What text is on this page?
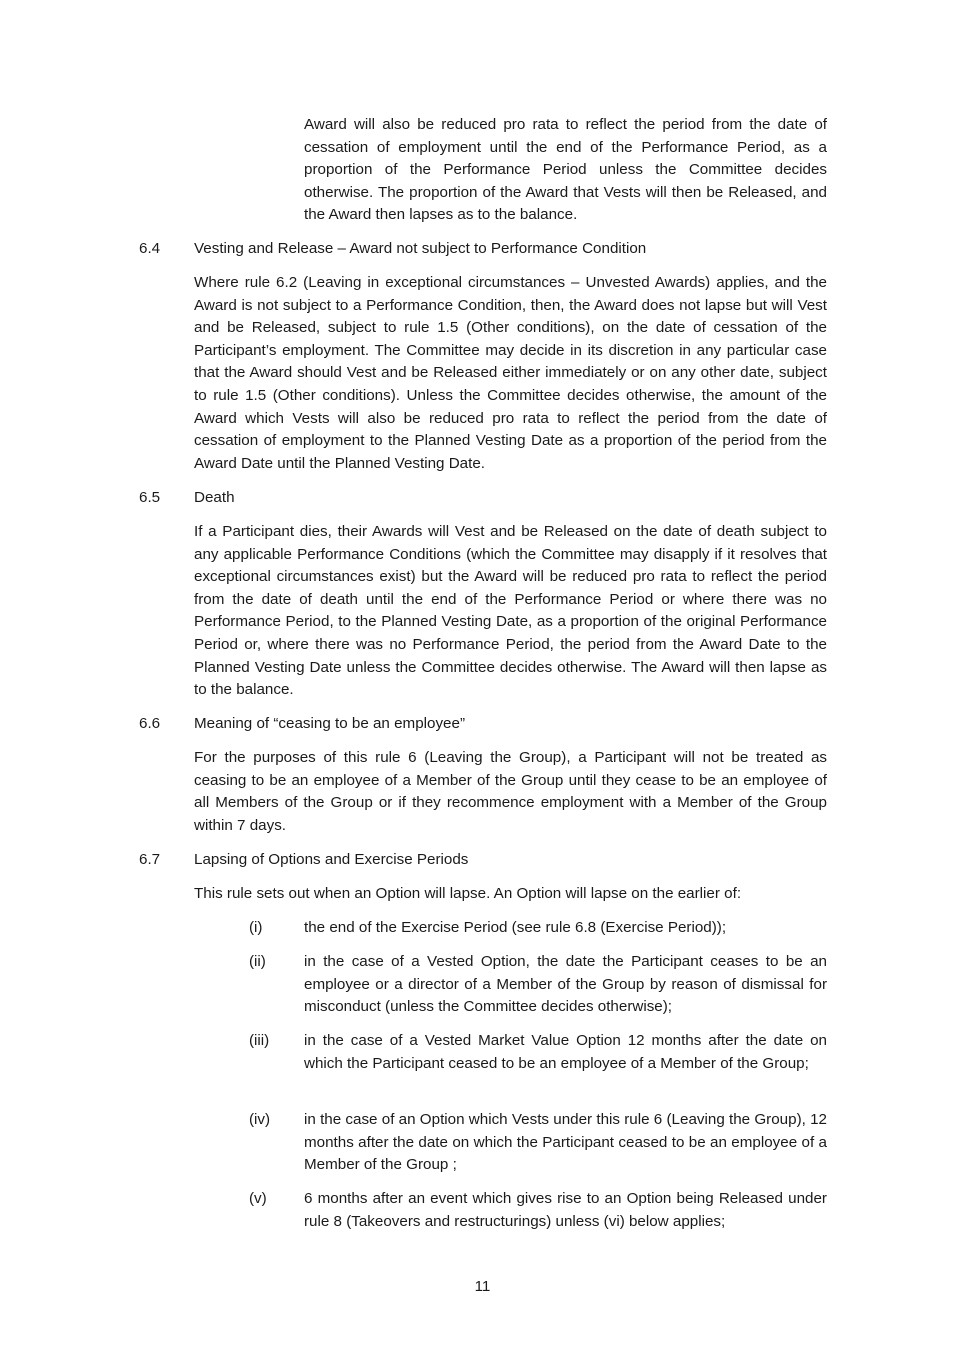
Award will also be reduced pro rata to reflect the period from the date of cessation of employment until the end of the Performance Period, as a proportion of the Performance Period unless the Committee decides otherwise. The proportion of the Award that Vests will then be Released, and the Award then lapses as to the balance.

6.4 Vesting and Release – Award not subject to Performance Condition

Where rule 6.2 (Leaving in exceptional circumstances – Unvested Awards) applies, and the Award is not subject to a Performance Condition, then, the Award does not lapse but will Vest and be Released, subject to rule 1.5 (Other conditions), on the date of cessation of the Participant’s employment. The Committee may decide in its discretion in any particular case that the Award should Vest and be Released either immediately or on any other date, subject to rule 1.5 (Other conditions). Unless the Committee decides otherwise, the amount of the Award which Vests will also be reduced pro rata to reflect the period from the date of cessation of employment to the Planned Vesting Date as a proportion of the period from the Award Date until the Planned Vesting Date.

6.5 Death

If a Participant dies, their Awards will Vest and be Released on the date of death subject to any applicable Performance Conditions (which the Committee may disapply if it resolves that exceptional circumstances exist) but the Award will be reduced pro rata to reflect the period from the date of death until the end of the Performance Period or where there was no Performance Period, to the Planned Vesting Date, as a proportion of the original Performance Period or, where there was no Performance Period, the period from the Award Date to the Planned Vesting Date unless the Committee decides otherwise. The Award will then lapse as to the balance.

6.6 Meaning of “ceasing to be an employee”

For the purposes of this rule 6 (Leaving the Group), a Participant will not be treated as ceasing to be an employee of a Member of the Group until they cease to be an employee of all Members of the Group or if they recommence employment with a Member of the Group within 7 days.

6.7 Lapsing of Options and Exercise Periods

This rule sets out when an Option will lapse. An Option will lapse on the earlier of:

(i)	the end of the Exercise Period (see rule 6.8 (Exercise Period));
(ii)	in the case of a Vested Option, the date the Participant ceases to be an employee or a director of a Member of the Group by reason of dismissal for misconduct (unless the Committee decides otherwise);
(iii) in the case of a Vested Market Value Option 12 months after the date on which the Participant ceased to be an employee of a Member of the Group;
(iv) in the case of an Option which Vests under this rule 6 (Leaving the Group), 12 months after the date on which the Participant ceased to be an employee of a Member of the Group ;
(v) 6 months after an event which gives rise to an Option being Released under rule 8 (Takeovers and restructurings) unless (vi) below applies;
11
